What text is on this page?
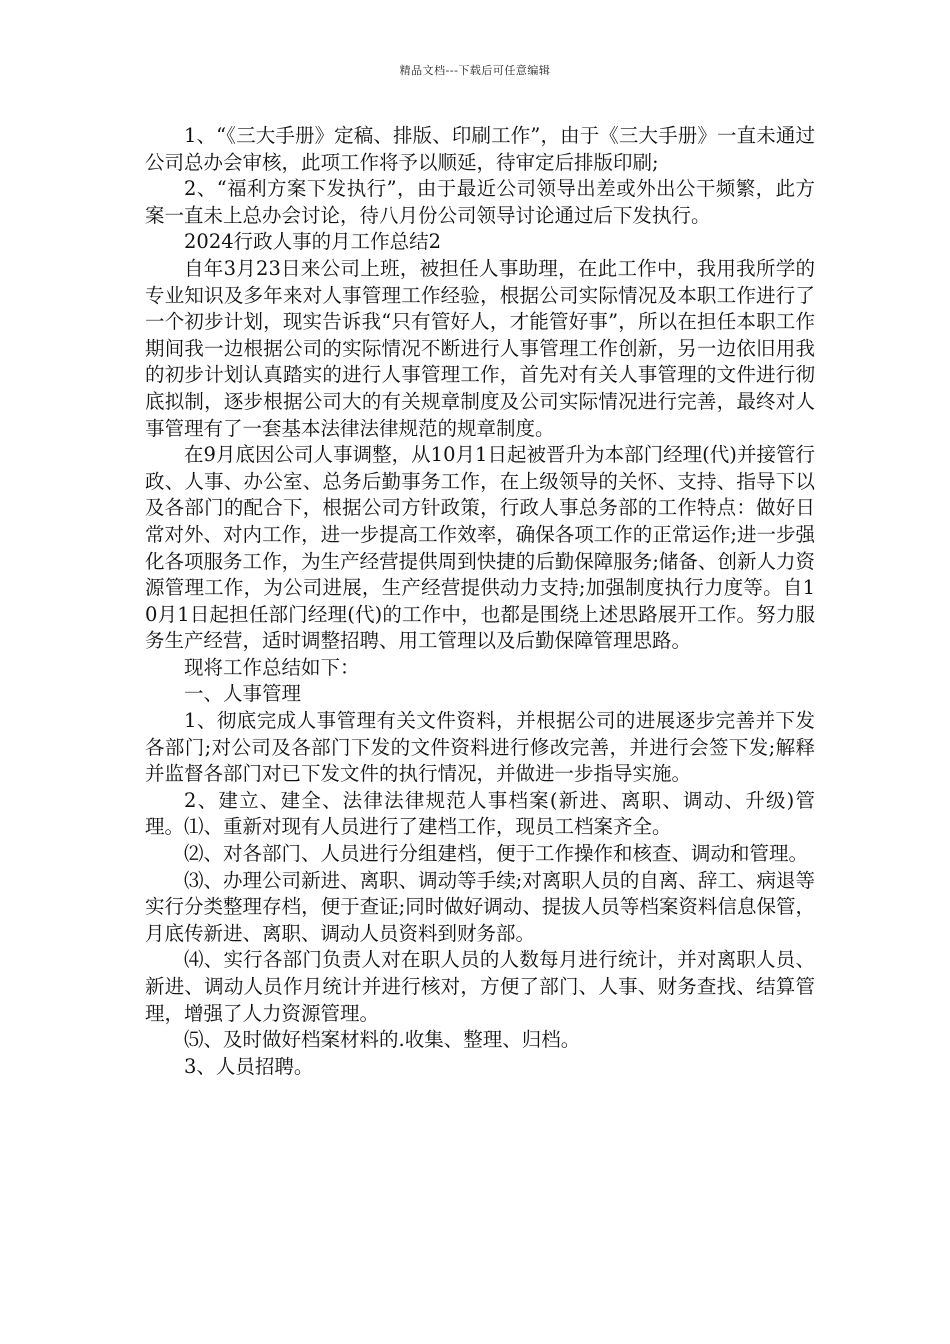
精品文档---下载后可任意编辑

1、“《三大手册》定稿、排版、印刷工作”，由于《三大手册》一直未通过公司总办会审核，此项工作将予以顺延，待审定后排版印刷;

2、“福利方案下发执行”，由于最近公司领导出差或外出公干频繁，此方案一直未上总办会讨论，待八月份公司领导讨论通过后下发执行。

2024行政人事的月工作总结2

自年3月23日来公司上班，被担任人事助理，在此工作中，我用我所学的专业知识及多年来对人事管理工作经验，根据公司实际情况及本职工作进行了一个初步计划，现实告诉我“只有管好人，才能管好事”，所以在担任本职工作期间我一边根据公司的实际情况不断进行人事管理工作创新，另一边依旧用我的初步计划认真踏实的进行人事管理工作，首先对有关人事管理的文件进行彻底拟制，逐步根据公司大的有关规章制度及公司实际情况进行完善，最终对人事管理有了一套基本法律法律规范的规章制度。

在9月底因公司人事调整，从10月1日起被晋升为本部门经理(代)并接管行政、人事、办公室、总务后勤事务工作，在上级领导的关怀、支持、指导下以及各部门的配合下，根据公司方针政策，行政人事总务部的工作特点：做好日常对外、对内工作，进一步提高工作效率，确保各项工作的正常运作;进一步强化各项服务工作，为生产经营提供周到快捷的后勤保障服务;储备、创新人力资源管理工作，为公司进展，生产经营提供动力支持;加强制度执行力度等。自10月1日起担任部门经理(代)的工作中，也都是围绕上述思路展开工作。努力服务生产经营，适时调整招聘、用工管理以及后勤保障管理思路。

现将工作总结如下：

一、人事管理

1、彻底完成人事管理有关文件资料，并根据公司的进展逐步完善并下发各部门;对公司及各部门下发的文件资料进行修改完善，并进行会签下发;解释并监督各部门对已下发文件的执行情况，并做进一步指导实施。

2、建立、建全、法律法律规范人事档案(新进、离职、调动、升级)管理。⑴、重新对现有人员进行了建档工作，现员工档案齐全。

⑵、对各部门、人员进行分组建档，便于工作操作和核查、调动和管理。

⑶、办理公司新进、离职、调动等手续;对离职人员的自离、辞工、病退等实行分类整理存档，便于查证;同时做好调动、提拔人员等档案资料信息保管，月底传新进、离职、调动人员资料到财务部。

⑷、实行各部门负责人对在职人员的人数每月进行统计，并对离职人员、新进、调动人员作月统计并进行核对，方便了部门、人事、财务查找、结算管理，增强了人力资源管理。

⑸、及时做好档案材料的.收集、整理、归档。

3、人员招聘。
